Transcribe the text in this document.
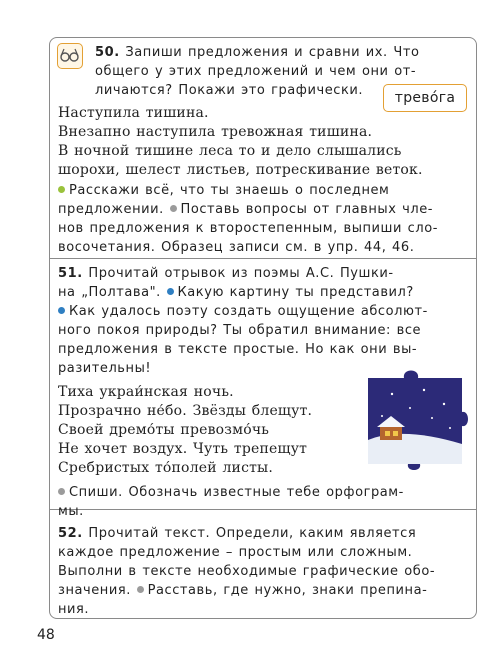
трево́га
50. Запиши предложения и сравни их. Что
общего у этих предложений и чем они от-
личаются? Покажи это графически.
Наступила тишина.
Внезапно наступила тревожная тишина.
В ночной тишине леса то и дело слышались
шорохи, шелест листьев, потрескивание веток.
Расскажи всё, что ты знаешь о последнем
предложении. Поставь вопросы от главных чле-
нов предложения к второстепенным, выпиши сло-
восочетания. Образец записи см. в упр. 44, 46.
51. Прочитай отрывок из поэмы А.С. Пушки-
на „Полтава". Какую картину ты представил?
Как удалось поэту создать ощущение абсолют-
ного покоя природы? Ты обратил внимание: все
предложения в тексте простые. Но как они вы-
разительны!
Тиха украи́нская ночь.
Прозрачно не́бо. Звёзды блещут.
Своей дремо́ты превозмо́чь
Не хочет воздух. Чуть трепещут
Сребристых то́полей листы.
Спиши. Обозначь известные тебе орфограм-
мы.
52. Прочитай текст. Определи, каким является
каждое предложение – простым или сложным.
Выполни в тексте необходимые графические обо-
значения. Расставь, где нужно, знаки препина-
ния.
48
